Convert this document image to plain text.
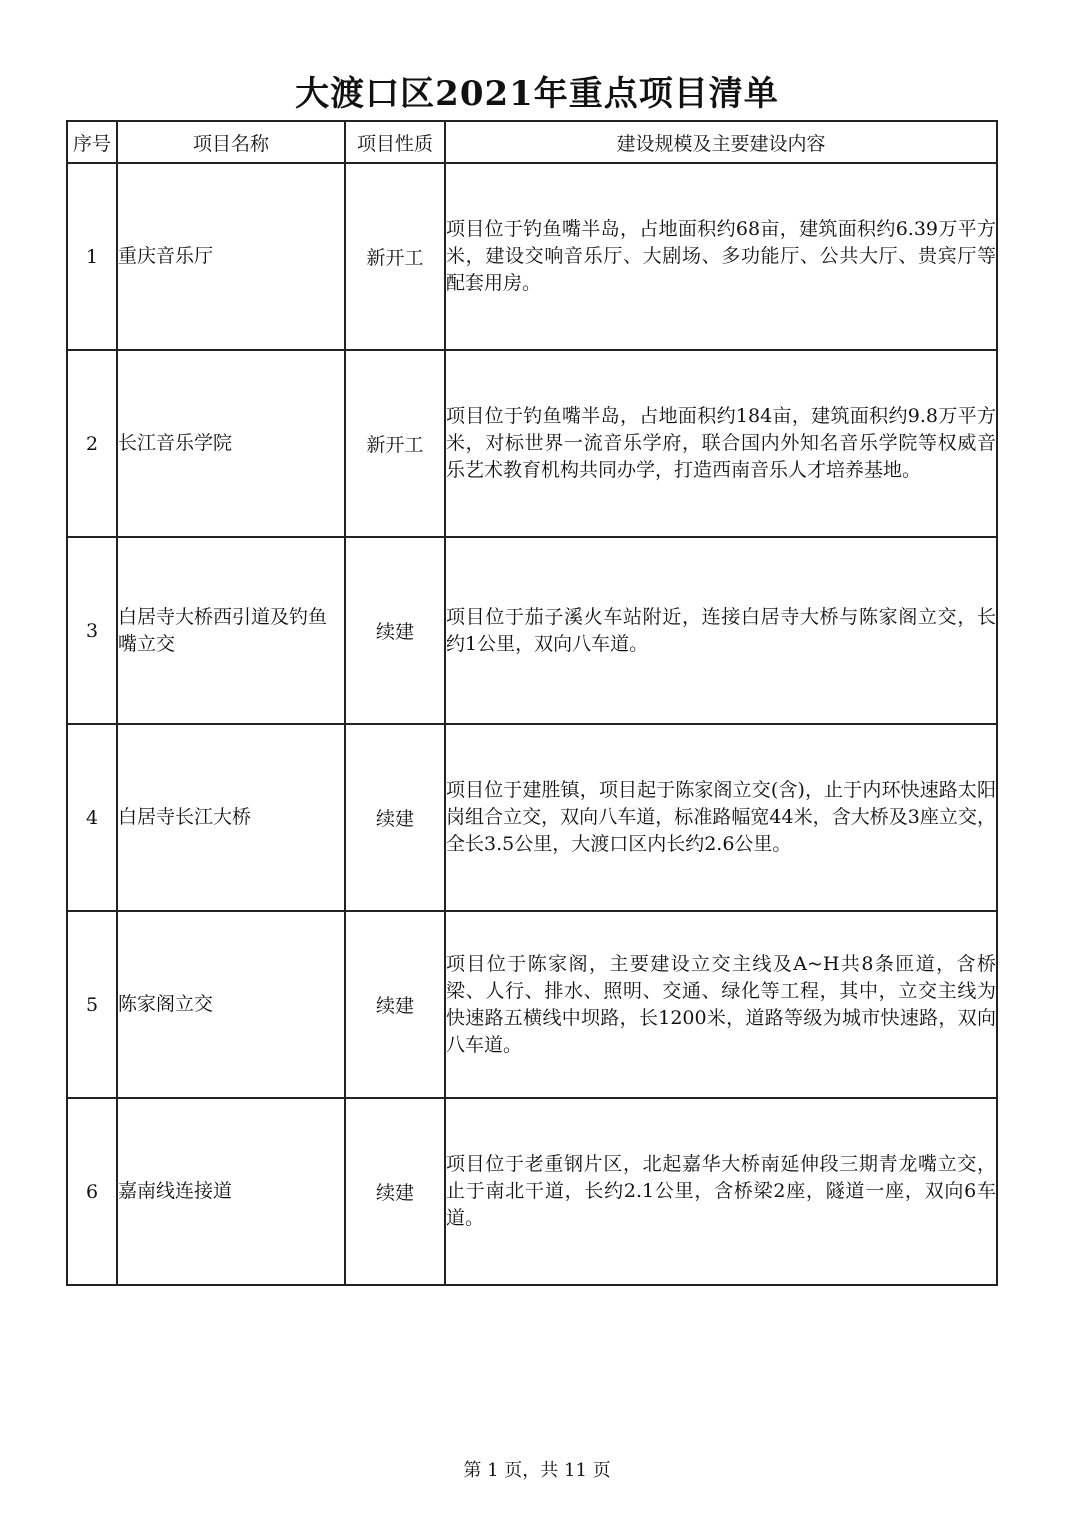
大渡口区2021年重点项目清单
序号	项目名称	项目性质	建设规模及主要建设内容
1	重庆音乐厅	新开工	项目位于钓鱼嘴半岛，占地面积约68亩，建筑面积约6.39万平方米，建设交响音乐厅、大剧场、多功能厅、公共大厅、贵宾厅等配套用房。
2	长江音乐学院	新开工	项目位于钓鱼嘴半岛，占地面积约184亩，建筑面积约9.8万平方米，对标世界一流音乐学府，联合国内外知名音乐学院等权威音乐艺术教育机构共同办学，打造西南音乐人才培养基地。
3	白居寺大桥西引道及钓鱼嘴立交	续建	项目位于茄子溪火车站附近，连接白居寺大桥与陈家阁立交，长约1公里，双向八车道。
4	白居寺长江大桥	续建	项目位于建胜镇，项目起于陈家阁立交(含)，止于内环快速路太阳岗组合立交，双向八车道，标准路幅宽44米，含大桥及3座立交，全长3.5公里，大渡口区内长约2.6公里。
5	陈家阁立交	续建	项目位于陈家阁，主要建设立交主线及A~H共8条匝道，含桥梁、人行、排水、照明、交通、绿化等工程，其中，立交主线为快速路五横线中坝路，长1200米，道路等级为城市快速路，双向八车道。
6	嘉南线连接道	续建	项目位于老重钢片区，北起嘉华大桥南延伸段三期青龙嘴立交，止于南北干道，长约2.1公里，含桥梁2座，隧道一座，双向6车道。
第 1 页，共 11 页
